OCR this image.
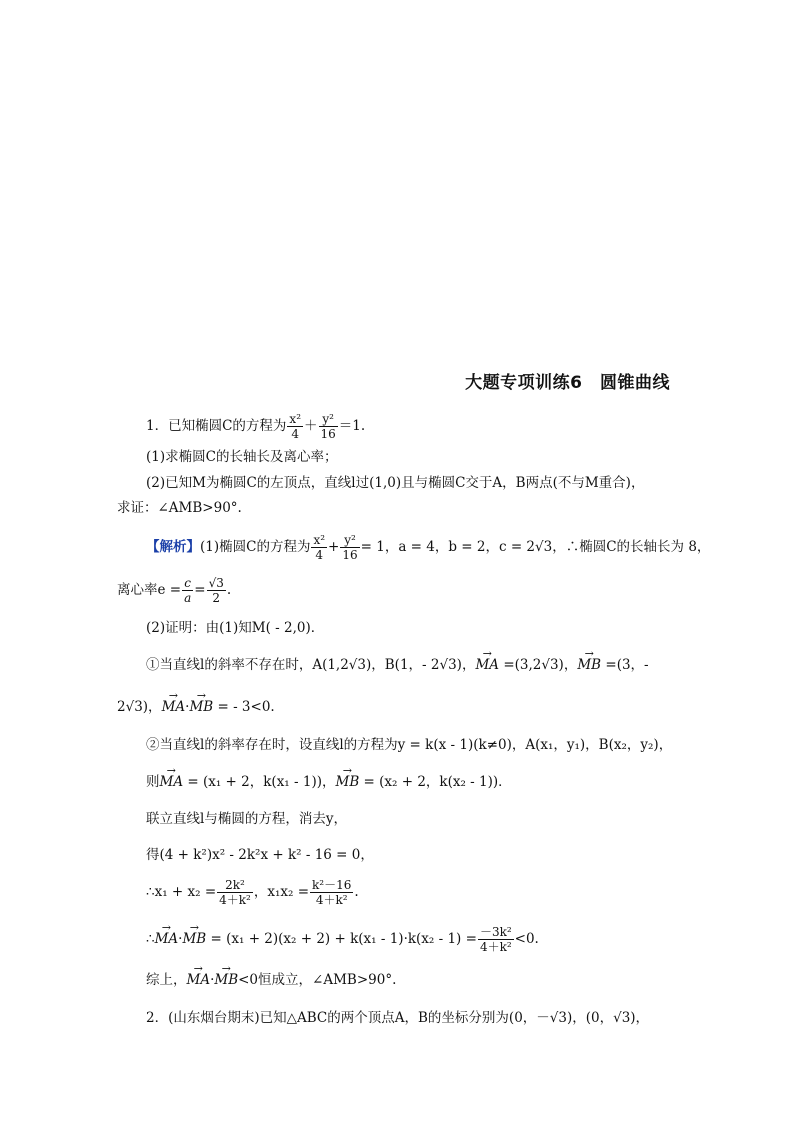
大题专项训练6　圆锥曲线
1．已知椭圆C的方程为 $\frac{\text{x²}}{4} + \frac{\text{y²}}{16} =1$.
(1)求椭圆C的长轴长及离心率；
(2)已知M为椭圆C的左顶点，直线l过(1,0)且与椭圆C交于A，B两点(不与M重合)，
求证：∠AMB>90°.
【解析】(1)椭圆C的方程为 $\frac{\text{x²}}{4} + \frac{\text{y²}}{16} = 1$，a = 4，b = 2，c = 2√3，∴椭圆C的长轴长为 8，
离心率$e = \frac{c}{a} = \frac{√3}{2}$ .
(2)证明：由(1)知M( - 2,0)．
①当直线l的斜率不存在时，A(1,2√3)，B(1，- 2√3)，→ MA =(3,2√3)，→ MB =(3，-
2√3)，→ MA·→ MB = - 3<0.
②当直线l的斜率存在时，设直线l的方程为y = k(x - 1)(k≠0)，A(x₁，y₁)，B(x₂，y₂)，
则→ MA = (x₁ + 2，k(x₁ - 1))，→ MB = (x₂ + 2，k(x₂ - 1))．
联立直线l与椭圆的方程，消去y，
得(4 + k²)x² - 2k²x + k² - 16 = 0，
∴x₁ + $x_2 = \frac{\text{2k²}}{\text{4＋k²}}$ ，$x_1x_2 = \frac{\text{k²－16}}{\text{4＋k²}}$ .
∴→ MA·→ MB = $(x_1 + 2)(x_2 + 2) + k(x_1 - 1)\cdot k(x_2 - 1) = \frac{\text{－3k²}}{\text{4＋k²}} <0$.
综上，→ MA·→ MB<0恒成立，∠AMB>90°.
2．(山东烟台期末)已知△ABC的两个顶点A，B的坐标分别为(0，－√3)，(0，√3)，
